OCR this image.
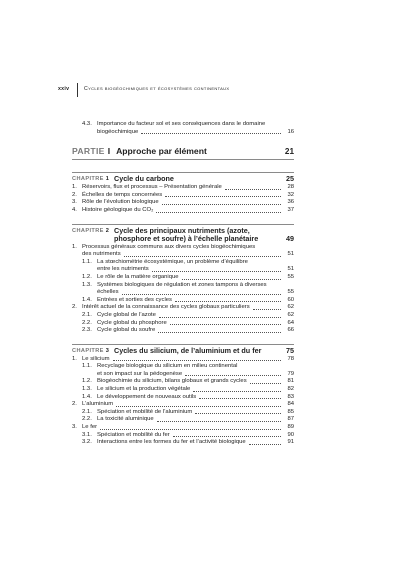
xxiv	Cycles biogéochimiques et écosystèmes continentaux
4.3. Importance du facteur sol et ses conséquences dans le domaine
biogéochimique	16
PARTIE I Approche par élément	21
CHAPITRE 1 Cycle du carbone	25
1. Réservoirs, flux et processus – Présentation générale	28
2. Échelles de temps concernées	32
3. Rôle de l’évolution biologique	36
4. Histoire géologique du CO₂	37
CHAPITRE 2 Cycle des principaux nutriments (azote,
phosphore et soufre) à l’échelle planétaire	49
1. Processus généraux communs aux divers cycles biogéochimiques
des nutriments	51
1.1. La stœchiométrie écosystémique, un problème d’équilibre
entre les nutriments	51
1.2. Le rôle de la matière organique	55
1.3. Systèmes biologiques de régulation et zones tampons à diverses
échelles	55
1.4. Entrées et sorties des cycles	60
2. Intérêt actuel de la connaissance des cycles globaux particuliers	62
2.1. Cycle global de l’azote	62
2.2. Cycle global du phosphore	64
2.3. Cycle global du soufre	66
CHAPITRE 3 Cycles du silicium, de l’aluminium et du fer	75
1. Le silicium	78
1.1. Recyclage biologique du silicium en milieu continental
et son impact sur la pédogenèse	79
1.2. Biogéochimie du silicium, bilans globaux et grands cycles	81
1.3. Le silicium et la production végétale	82
1.4. Le développement de nouveaux outils	83
2. L’aluminium	84
2.1. Spéciation et mobilité de l’aluminium	85
2.2. La toxicité aluminique	87
3. Le fer	89
3.1. Spéciation et mobilité du fer	90
3.2. Interactions entre les formes du fer et l’activité biologique	91
